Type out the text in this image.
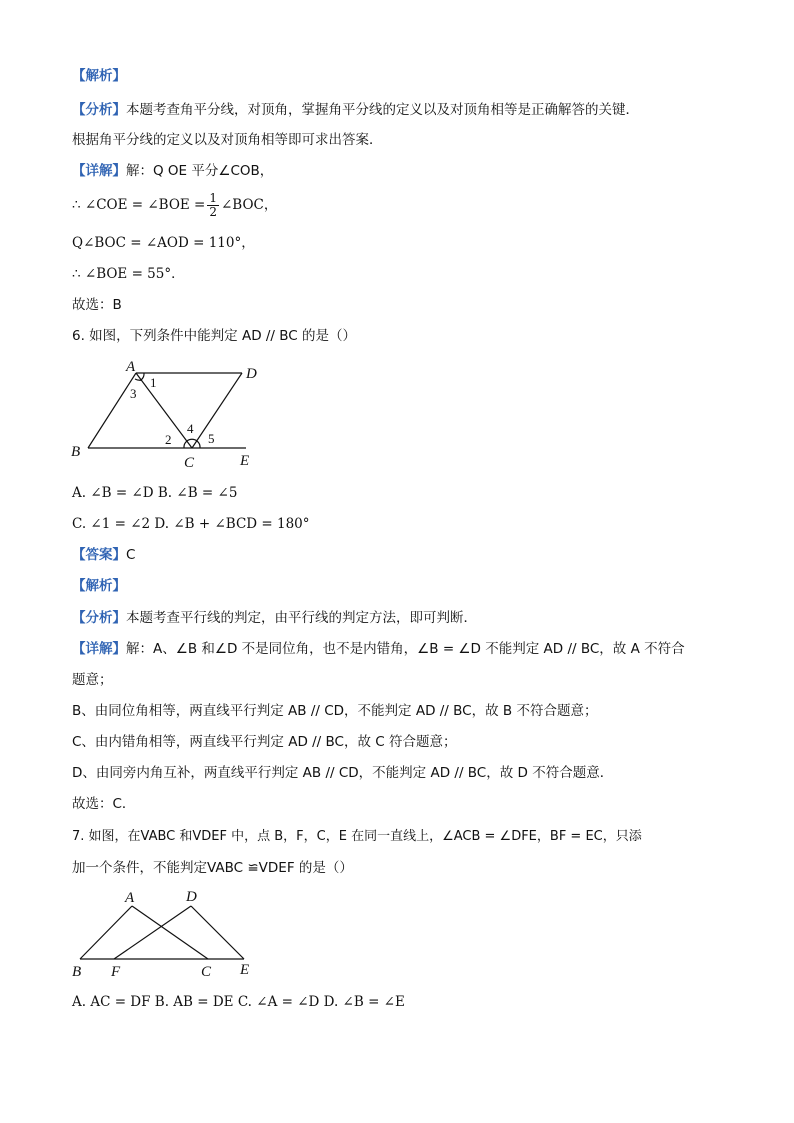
【解析】
【分析】本题考查角平分线，对顶角，掌握角平分线的定义以及对顶角相等是正确解答的关键．
根据角平分线的定义以及对顶角相等即可求出答案．
【详解】解：Q OE 平分∠COB，
∴ ∠COE = ∠BOE = $\frac{1}{2}$ ∠BOC，
Q∠BOC = ∠AOD = 110°，
∴ ∠BOE = 55°．
故选：B
6. 如图，下列条件中能判定 AD // BC 的是（）
A	D
B
C	E
1
3
2
4
5
A. ∠B = ∠D B. ∠B = ∠5
C. ∠1 = ∠2 D. ∠B + ∠BCD = 180°
【答案】C
【解析】
【分析】本题考查平行线的判定，由平行线的判定方法，即可判断．
【详解】解：A、∠B 和∠D 不是同位角，也不是内错角，∠B = ∠D 不能判定 AD // BC，故 A 不符合
题意；
B、由同位角相等，两直线平行判定 AB // CD，不能判定 AD // BC，故 B 不符合题意；
C、由内错角相等，两直线平行判定 AD // BC，故 C 符合题意；
D、由同旁内角互补，两直线平行判定 AB // CD，不能判定 AD // BC，故 D 不符合题意．
故选：C．
7. 如图，在VABC 和VDEF 中，点 B，F，C，E 在同一直线上，∠ACB = ∠DFE，BF = EC，只添
加一个条件，不能判定VABC ≌VDEF 的是（）
A	D
B F	C E
A. AC = DF B. AB = DE C. ∠A = ∠D D. ∠B = ∠E
